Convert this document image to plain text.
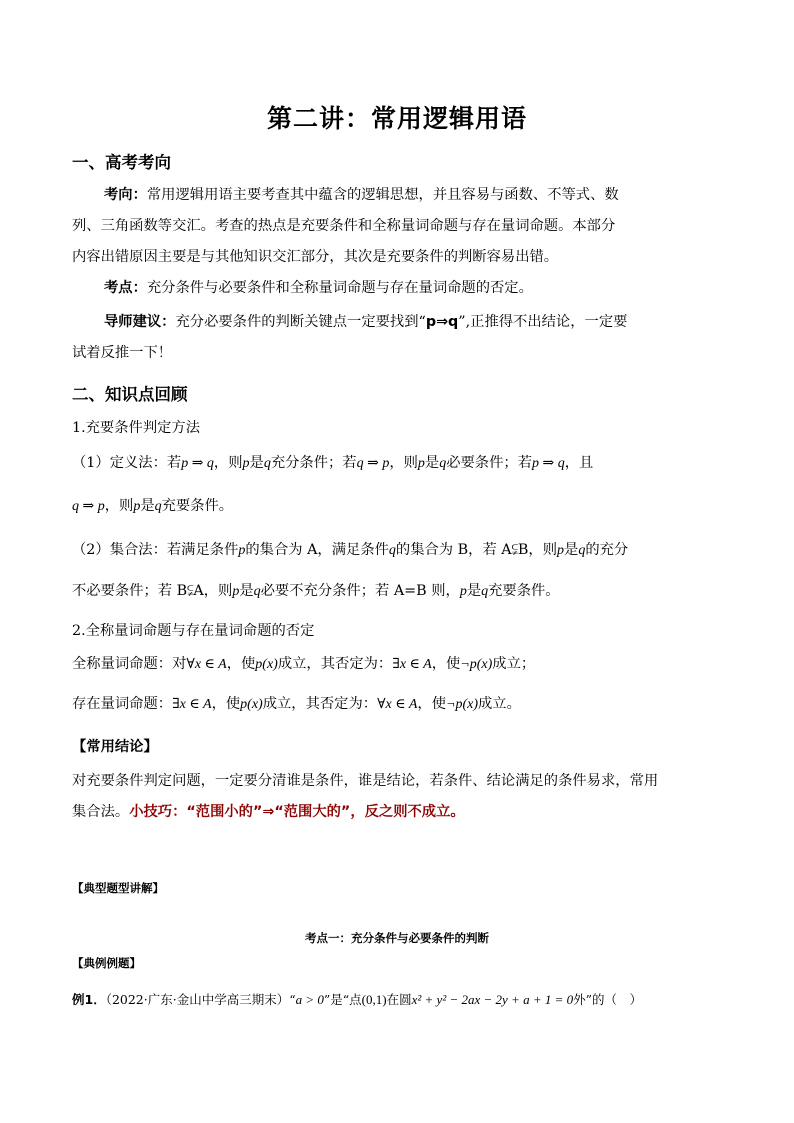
第二讲：常用逻辑用语
一、高考考向
考向：常用逻辑用语主要考查其中蕴含的逻辑思想，并且容易与函数、不等式、数
列、三角函数等交汇。考查的热点是充要条件和全称量词命题与存在量词命题。本部分
内容出错原因主要是与其他知识交汇部分，其次是充要条件的判断容易出错。
考点：充分条件与必要条件和全称量词命题与存在量词命题的否定。
导师建议：充分必要条件的判断关键点一定要找到“p⇒q”,正推得不出结论，一定要
试着反推一下！
二、知识点回顾
1.充要条件判定方法
（1）定义法：若p ⇒ q，则p是q充分条件；若q ⇒ p，则p是q必要条件；若p ⇒ q，且
q ⇒ p，则p是q充要条件。
（2）集合法：若满足条件p的集合为 A，满足条件q的集合为 B，若 A⫋B，则p是q的充分
不必要条件；若 B⫋A，则p是q必要不充分条件；若 A=B 则，p是q充要条件。
2.全称量词命题与存在量词命题的否定
全称量词命题：对∀x ∈ A，使p(x)成立，其否定为：∃x ∈ A，使¬p(x)成立；
存在量词命题：∃x ∈ A，使p(x)成立，其否定为：∀x ∈ A，使¬p(x)成立。
【常用结论】
对充要条件判定问题，一定要分清谁是条件，谁是结论，若条件、结论满足的条件易求，常用
集合法。小技巧：“范围小的”⇒“范围大的”，反之则不成立。
【典型题型讲解】
考点一：充分条件与必要条件的判断
【典例例题】
例1．（2022·广东·金山中学高三期末）“a > 0”是“点(0,1)在圆x² + y² − 2ax − 2y + a + 1 = 0外”的（　）
